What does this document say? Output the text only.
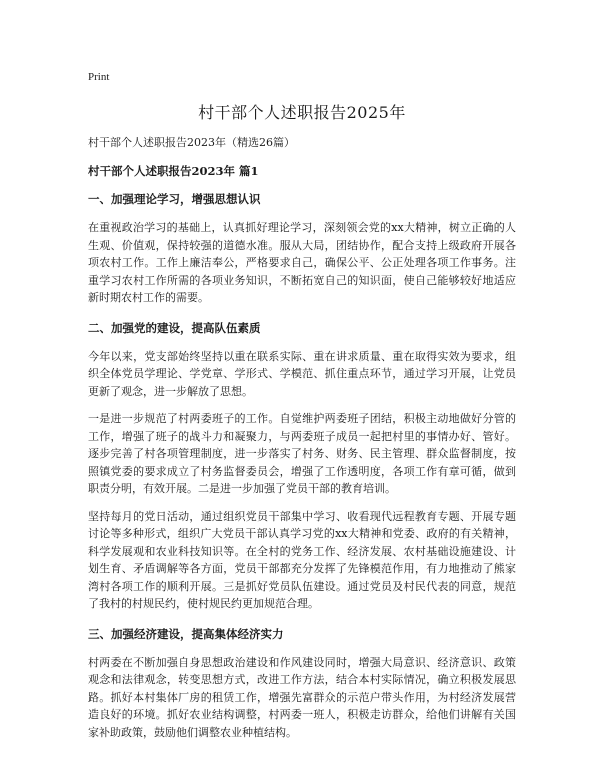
Print
村干部个人述职报告2025年
村干部个人述职报告2023年（精选26篇）
村干部个人述职报告2023年 篇1
一、加强理论学习，增强思想认识

在重视政治学习的基础上，认真抓好理论学习，深刻领会党的xx大精神，树立正确的人生观、价值观，保持较强的道德水准。服从大局，团结协作，配合支持上级政府开展各项农村工作。工作上廉洁奉公，严格要求自己，确保公平、公正处理各项工作事务。注重学习农村工作所需的各项业务知识，不断拓宽自己的知识面，使自己能够较好地适应新时期农村工作的需要。

二、加强党的建设，提高队伍素质

今年以来，党支部始终坚持以重在联系实际、重在讲求质量、重在取得实效为要求，组织全体党员学理论、学党章、学形式、学模范、抓住重点环节，通过学习开展，让党员更新了观念，进一步解放了思想。

一是进一步规范了村两委班子的工作。自觉维护两委班子团结，积极主动地做好分管的工作，增强了班子的战斗力和凝聚力，与两委班子成员一起把村里的事情办好、管好。逐步完善了村各项管理制度，进一步落实了村务、财务、民主管理、群众监督制度，按照镇党委的要求成立了村务监督委员会，增强了工作透明度，各项工作有章可循，做到职责分明，有效开展。二是进一步加强了党员干部的教育培训。

坚持每月的党日活动，通过组织党员干部集中学习、收看现代远程教育专题、开展专题讨论等多种形式，组织广大党员干部认真学习党的xx大精神和党委、政府的有关精神，科学发展观和农业科技知识等。在全村的党务工作、经济发展、农村基础设施建设、计划生育、矛盾调解等各方面，党员干部都充分发挥了先锋模范作用，有力地推动了熊家湾村各项工作的顺利开展。三是抓好党员队伍建设。通过党员及村民代表的同意，规范了我村的村规民约，使村规民约更加规范合理。

三、加强经济建设，提高集体经济实力

村两委在不断加强自身思想政治建设和作风建设同时，增强大局意识、经济意识、政策观念和法律观念，转变思想方式，改进工作方法，结合本村实际情况，确立积极发展思路。抓好本村集体厂房的租赁工作，增强先富群众的示范户带头作用，为村经济发展营造良好的环境。抓好农业结构调整，村两委一班人，积极走访群众，给他们讲解有关国家补助政策，鼓励他们调整农业种植结构。
